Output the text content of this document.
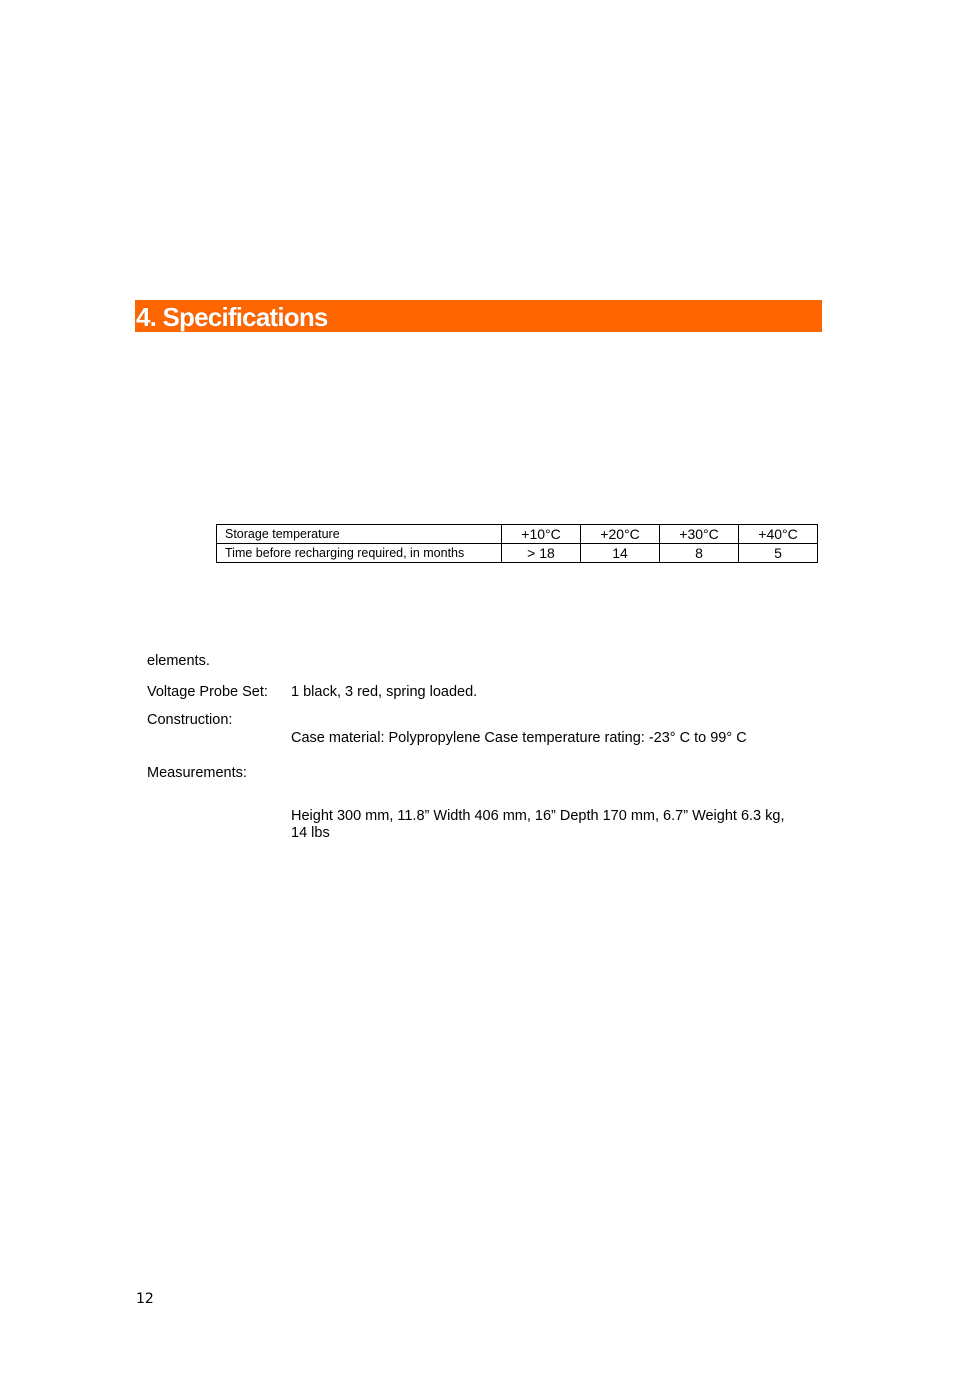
4. Specifications
Storage temperature	+10°C	+20°C	+30°C	+40°C
Time before recharging required, in months	> 18	14	8	5
elements.
Voltage Probe Set: 1 black, 3 red, spring loaded.
Construction:
Case material: Polypropylene Case temperature rating: -23° C to 99° C
Measurements:
Height 300 mm, 11.8” Width 406 mm, 16” Depth 170 mm, 6.7” Weight 6.3 kg, 14 lbs
12
